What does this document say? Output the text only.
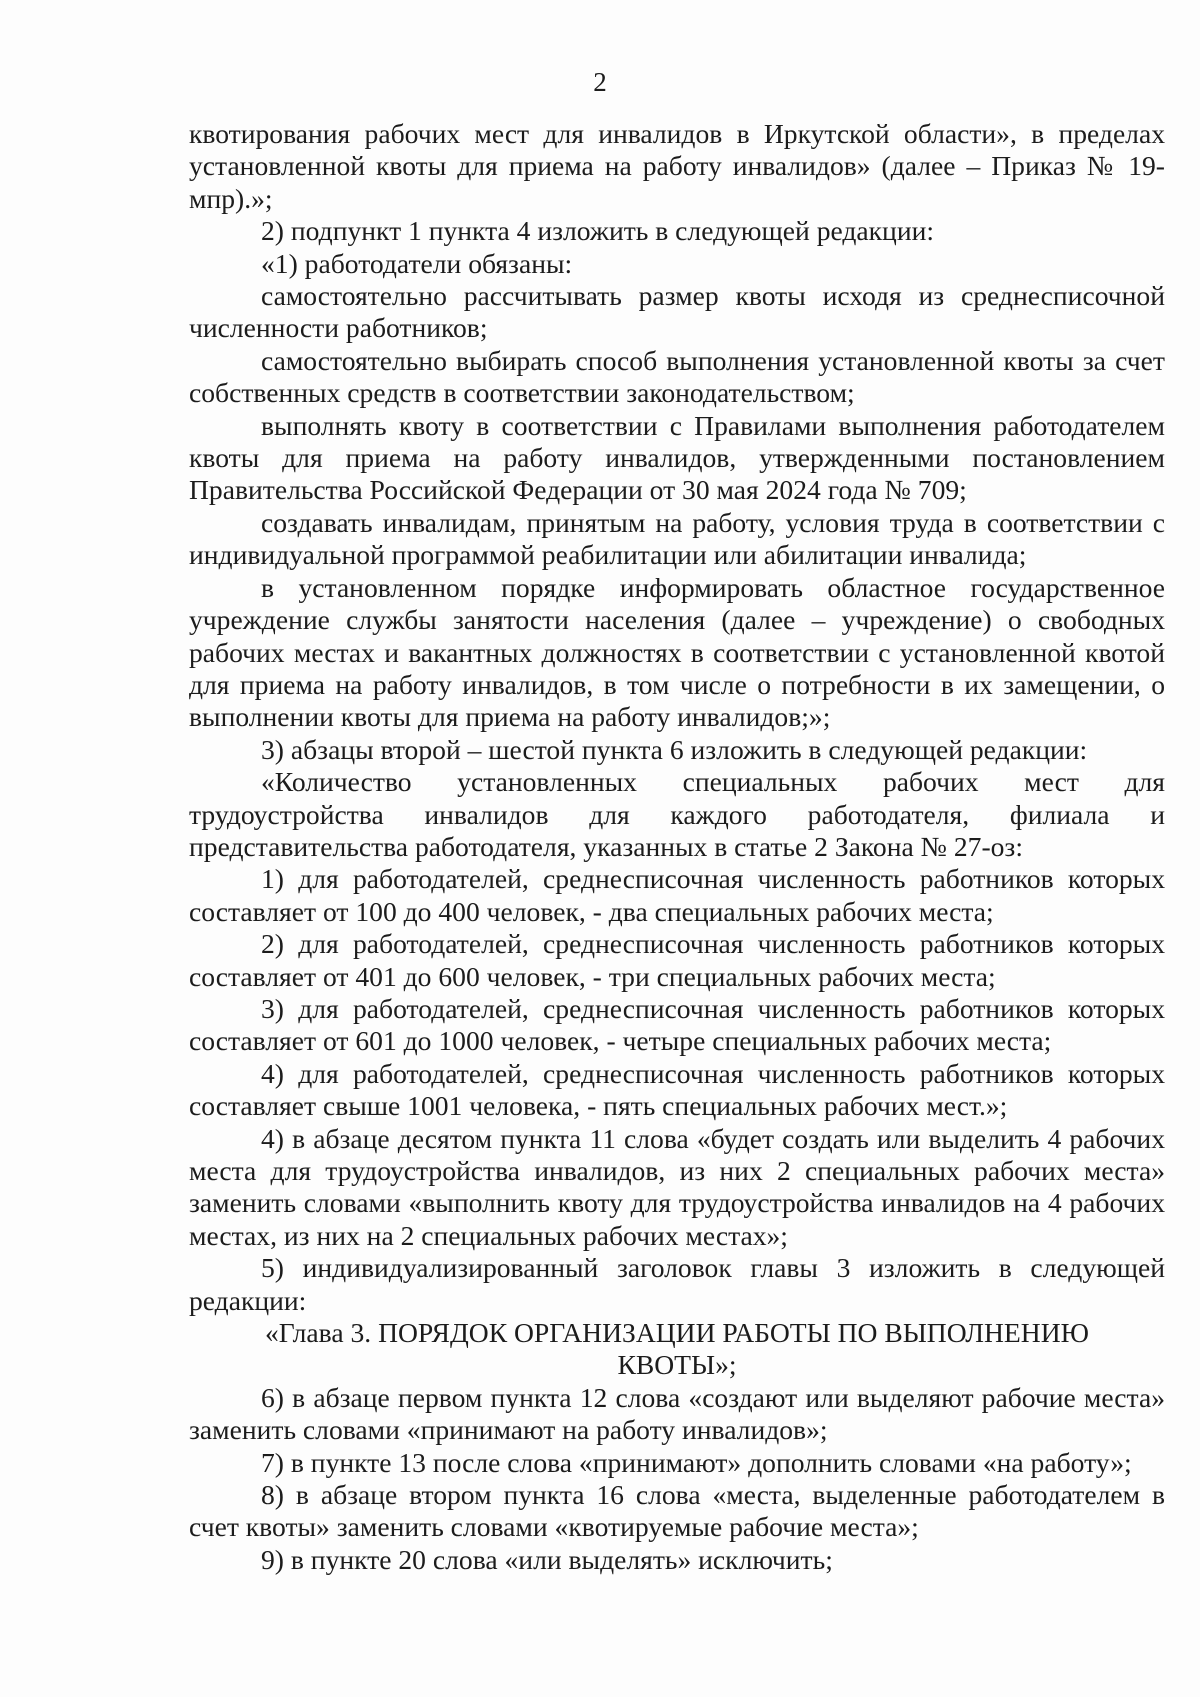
2

квотирования рабочих мест для инвалидов в Иркутской области», в пределах установленной квоты для приема на работу инвалидов» (далее – Приказ № 19-мпр).»;

2) подпункт 1 пункта 4 изложить в следующей редакции:

«1) работодатели обязаны:

самостоятельно рассчитывать размер квоты исходя из среднесписочной численности работников;

самостоятельно выбирать способ выполнения установленной квоты за счет собственных средств в соответствии законодательством;

выполнять квоту в соответствии с Правилами выполнения работодателем квоты для приема на работу инвалидов, утвержденными постановлением Правительства Российской Федерации от 30 мая 2024 года № 709;

создавать инвалидам, принятым на работу, условия труда в соответствии с индивидуальной программой реабилитации или абилитации инвалида;

в установленном порядке информировать областное государственное учреждение службы занятости населения (далее – учреждение) о свободных рабочих местах и вакантных должностях в соответствии с установленной квотой для приема на работу инвалидов, в том числе о потребности в их замещении, о выполнении квоты для приема на работу инвалидов;»;

3) абзацы второй – шестой пункта 6 изложить в следующей редакции:

«Количество установленных специальных рабочих мест для трудоустройства инвалидов для каждого работодателя, филиала и представительства работодателя, указанных в статье 2 Закона № 27-оз:

1) для работодателей, среднесписочная численность работников которых составляет от 100 до 400 человек, - два специальных рабочих места;

2) для работодателей, среднесписочная численность работников которых составляет от 401 до 600 человек, - три специальных рабочих места;

3) для работодателей, среднесписочная численность работников которых составляет от 601 до 1000 человек, - четыре специальных рабочих места;

4) для работодателей, среднесписочная численность работников которых составляет свыше 1001 человека, - пять специальных рабочих мест.»;

4) в абзаце десятом пункта 11 слова «будет создать или выделить 4 рабочих места для трудоустройства инвалидов, из них 2 специальных рабочих места» заменить словами «выполнить квоту для трудоустройства инвалидов на 4 рабочих местах, из них на 2 специальных рабочих местах»;

5) индивидуализированный заголовок главы 3 изложить в следующей редакции:

«Глава 3. ПОРЯДОК ОРГАНИЗАЦИИ РАБОТЫ ПО ВЫПОЛНЕНИЮ КВОТЫ»;

6) в абзаце первом пункта 12 слова «создают или выделяют рабочие места» заменить словами «принимают на работу инвалидов»;

7) в пункте 13 после слова «принимают» дополнить словами «на работу»;

8) в абзаце втором пункта 16 слова «места, выделенные работодателем в счет квоты» заменить словами «квотируемые рабочие места»;

9) в пункте 20 слова «или выделять» исключить;
